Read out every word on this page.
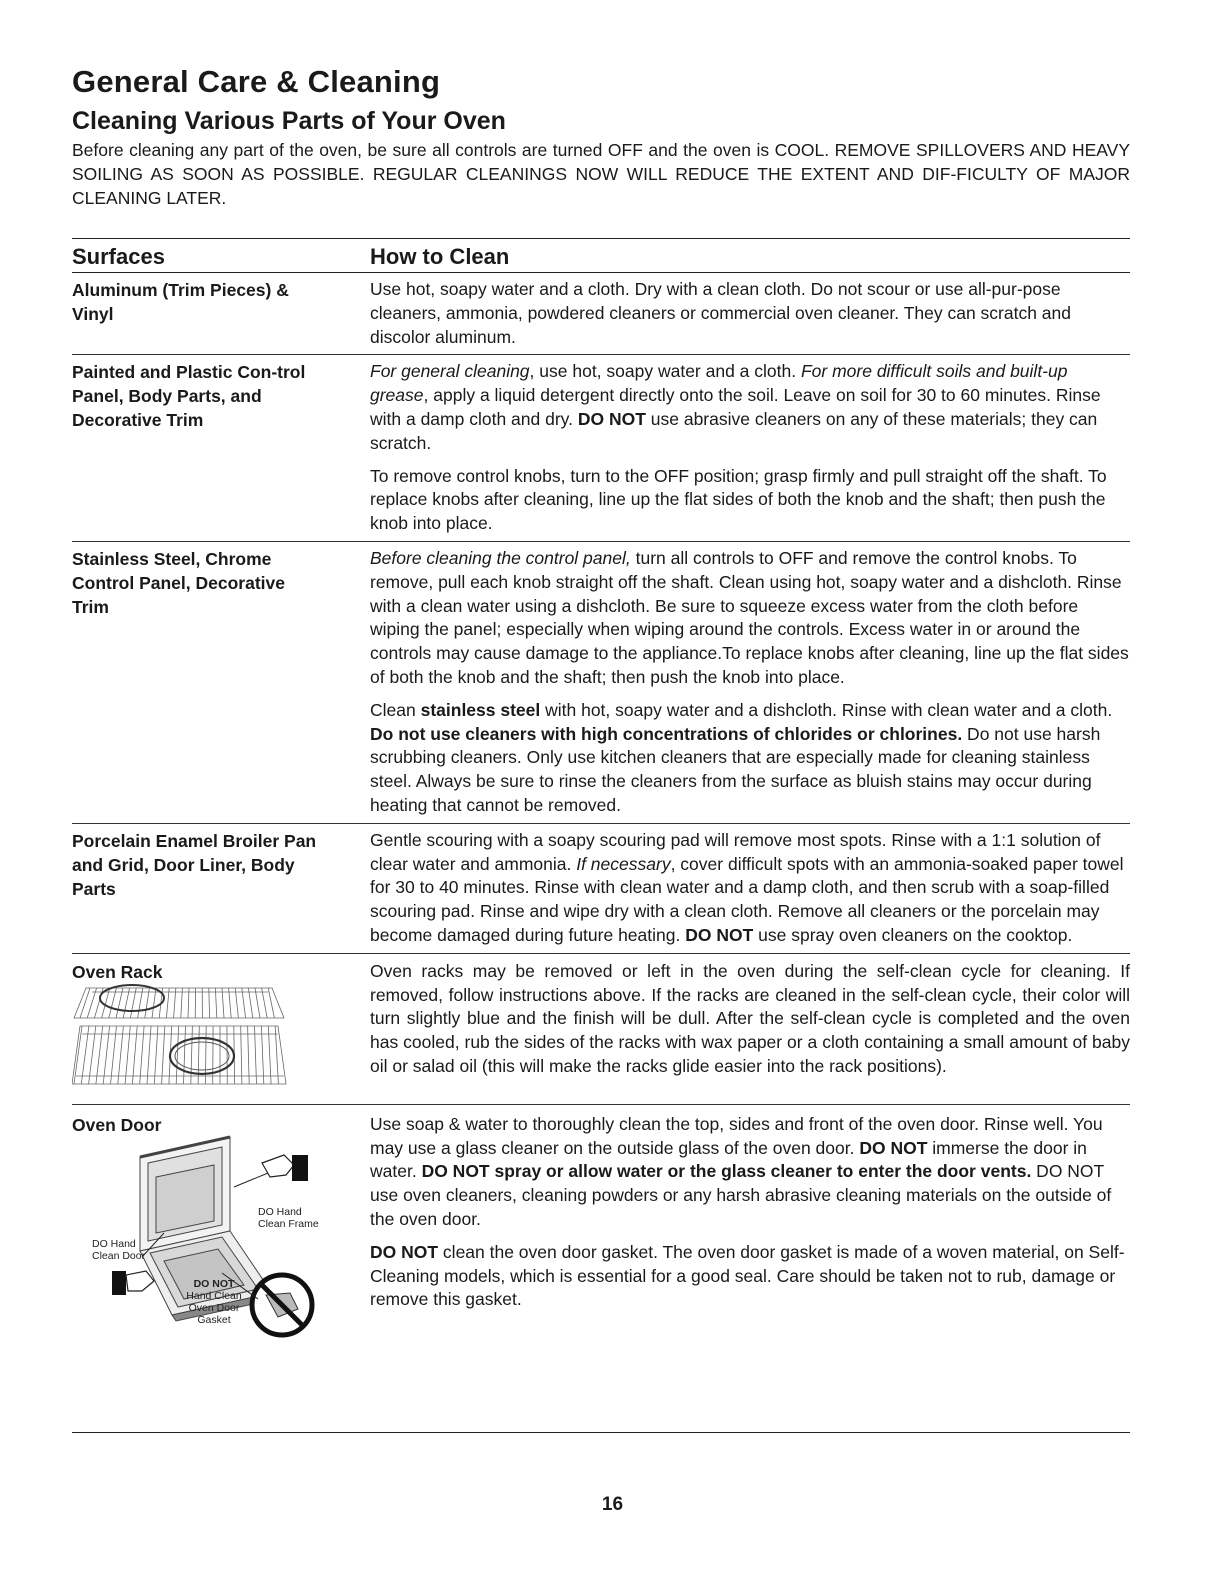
General Care & Cleaning
Cleaning Various Parts of Your Oven

Before cleaning any part of the oven, be sure all controls are turned OFF and the oven is COOL. REMOVE SPILLOVERS AND HEAVY SOILING AS SOON AS POSSIBLE. REGULAR CLEANINGS NOW WILL REDUCE THE EXTENT AND DIF-FICULTY OF MAJOR CLEANING LATER.

Surfaces	How to Clean
Aluminum (Trim Pieces) & Vinyl

Use hot, soapy water and a cloth. Dry with a clean cloth. Do not scour or use all-pur-pose cleaners, ammonia, powdered cleaners or commercial oven cleaner. They can scratch and discolor aluminum.

Painted and Plastic Con-trol Panel, Body Parts, and Decorative Trim

For general cleaning, use hot, soapy water and a cloth. For more difficult soils and built-up grease, apply a liquid detergent directly onto the soil. Leave on soil for 30 to 60 minutes. Rinse with a damp cloth and dry. DO NOT use abrasive cleaners on any of these materials; they can scratch.

To remove control knobs, turn to the OFF position; grasp firmly and pull straight off the shaft. To replace knobs after cleaning, line up the flat sides of both the knob and the shaft; then push the knob into place.

Stainless Steel, Chrome Control Panel, Decorative Trim

Before cleaning the control panel, turn all controls to OFF and remove the control knobs. To remove, pull each knob straight off the shaft. Clean using hot, soapy water and a dishcloth. Rinse with a clean water using a dishcloth. Be sure to squeeze excess water from the cloth before wiping the panel; especially when wiping around the controls. Excess water in or around the controls may cause damage to the appliance.To replace knobs after cleaning, line up the flat sides of both the knob and the shaft; then push the knob into place.

Clean stainless steel with hot, soapy water and a dishcloth. Rinse with clean water and a cloth. Do not use cleaners with high concentrations of chlorides or chlorines. Do not use harsh scrubbing cleaners. Only use kitchen cleaners that are especially made for cleaning stainless steel. Always be sure to rinse the cleaners from the surface as bluish stains may occur during heating that cannot be removed.

Porcelain Enamel Broiler Pan and Grid, Door Liner, Body Parts

Gentle scouring with a soapy scouring pad will remove most spots. Rinse with a 1:1 solution of clear water and ammonia. If necessary, cover difficult spots with an ammonia-soaked paper towel for 30 to 40 minutes. Rinse with clean water and a damp cloth, and then scrub with a soap-filled scouring pad. Rinse and wipe dry with a clean cloth. Remove all cleaners or the porcelain may become damaged during future heating. DO NOT use spray oven cleaners on the cooktop.

Oven Rack	Oven racks may be removed or left in the oven during the self-clean cycle for cleaning. If removed, follow instructions above. If the racks are cleaned in the self-clean cycle, their color will turn slightly blue and the finish will be dull. After the self-clean cycle is completed and the oven has cooled, rub the sides of the racks with wax paper or a cloth containing a small amount of baby oil or salad oil (this will make the racks glide easier into the rack positions).

Oven Door
DO Hand Clean Frame
DO Hand Clean Door
DO NOT Hand Clean Oven Door Gasket

Use soap & water to thoroughly clean the top, sides and front of the oven door. Rinse well. You may use a glass cleaner on the outside glass of the oven door. DO NOT immerse the door in water. DO NOT spray or allow water or the glass cleaner to enter the door vents. DO NOT use oven cleaners, cleaning powders or any harsh abrasive cleaning materials on the outside of the oven door.

DO NOT clean the oven door gasket. The oven door gasket is made of a woven material, on Self-Cleaning models, which is essential for a good seal. Care should be taken not to rub, damage or remove this gasket.

16
